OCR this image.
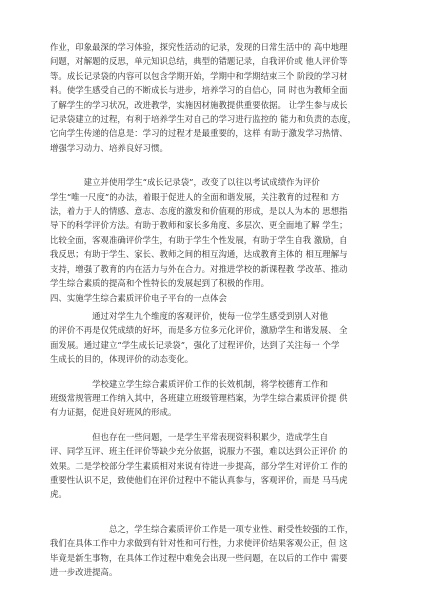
作业，印象最深的学习体验，探究性活动的记录，发现的日常生活中的 高中地理

问题，对解题的反思，单元知识总结，典型的错题记录，自我评价或 他人评价等

等。成长记录袋的内容可以包含学期开始，学期中和学期结束三个 阶段的学习材

料。使学生感受自己的不断成长与进步，培养学习的自信心，同 时也为教师全面

了解学生的学习状况，改进教学，实施因材施教提供重要依据。 让学生参与成长

记录袋建立的过程，有利于培养学生对自己的学习进行监控的 能力和负责的态度，

它向学生传递的信息是：学习的过程才是最重要的，这样 有助于激发学习热情、

增强学习动力、培养良好习惯。

　　　　建立并使用学生“成长记录袋”，改变了以往以考试成绩作为评价

学生“唯一尺度”的办法，着眼于促进人的全面和谐发展，关注教育的过程和 方

法，着力于人的情感、意志、态度的激发和价值观的形成，是以人为本的 思想指

导下的科学评价方法。有助于教师和家长多角度、多层次、更全面地了解 学生；

比较全面，客观准确评价学生，有助于学生个性发展，有助于学生自我 激励，自

我反思；有助于学生、家长、教师之间的相互沟通，达成教育主体的 相互理解与

支持，增强了教育的内在活力与外在合力。对推进学校的新课程教 学改革、推动

学生综合素质的提高和个性特长的发展起到了积极的作用。

四、实施学生综合素质评价电子平台的一点体会

　　　　　通过对学生九个维度的客观评价，使每一位学生感受到别人对他

的评价不再是仅凭成绩的好坏，而是多方位多元化评价，激励学生和谐发展、 全

面发展。通过建立“学生成长记录袋”，强化了过程评价，达到了关注每一 个学

生成长的目的，体现评价的动态变化。

　　　　　学校建立学生综合素质评价工作的长效机制，将学校德育工作和

班级常规管理工作纳入其中，各班建立班级管理档案，为学生综合素质评价提 供

有力证据，促进良好班风的形成。

　　　　　但也存在一些问题，一是学生平常表现资料积累少，造成学生自

评、同学互评、班主任评价等缺少充分依据，说服力不强，难以达到公正评价 的

效果。二是学校部分学生素质相对来说有待进一步提高，部分学生对评价工 作的

重要性认识不足，致使他们在评价过程中不能认真参与，客观评价，而是 马马虎

虎。

　　　　　　　总之，学生综合素质评价工作是一项专业性、耐受性较强的工作，

我们在具体工作中力求做到有针对性和可行性，力求使评价结果客观公正，但 这

毕竟是新生事物，在具体工作过程中难免会出现一些问题，在以后的工作中 需要

进一步改进提高。
